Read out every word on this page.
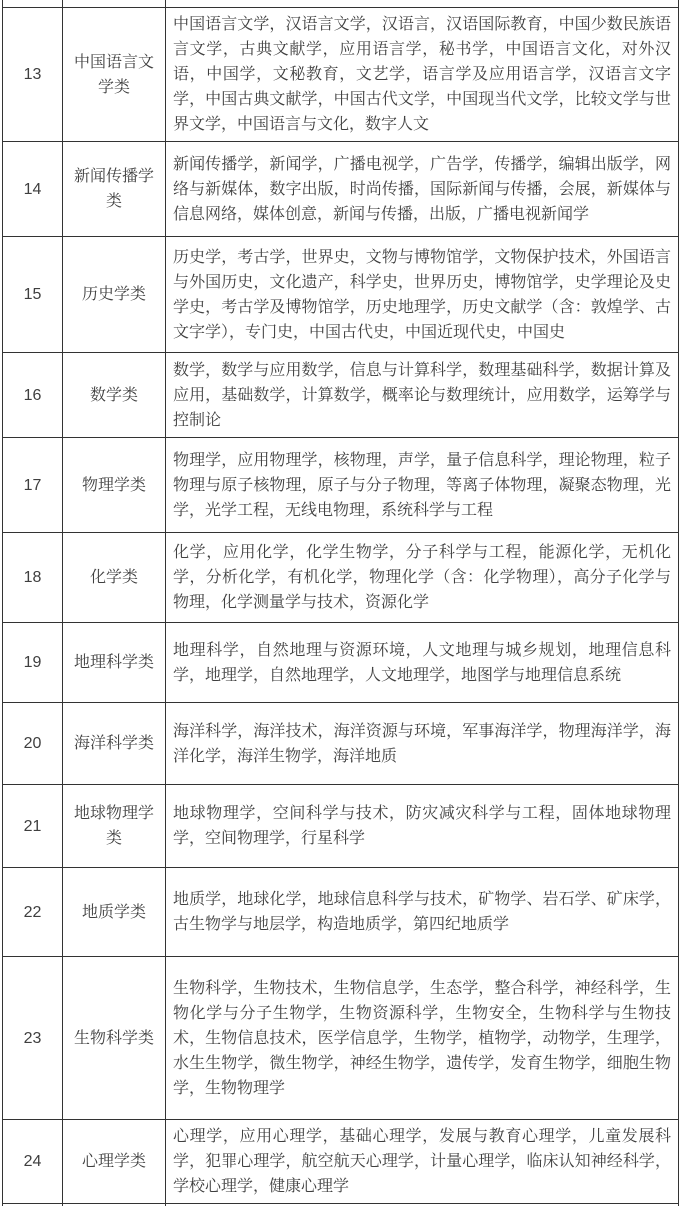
13	中国语言文学类	中国语言文学，汉语言文学，汉语言，汉语国际教育，中国少数民族语言文学，古典文献学，应用语言学，秘书学，中国语言文化，对外汉语，中国学，文秘教育，文艺学，语言学及应用语言学，汉语言文字学，中国古典文献学，中国古代文学，中国现当代文学，比较文学与世界文学，中国语言与文化，数字人文
14	新闻传播学类	新闻传播学，新闻学，广播电视学，广告学，传播学，编辑出版学，网络与新媒体，数字出版，时尚传播，国际新闻与传播，会展，新媒体与信息网络，媒体创意，新闻与传播，出版，广播电视新闻学
15	历史学类	历史学，考古学，世界史，文物与博物馆学，文物保护技术，外国语言与外国历史，文化遗产，科学史，世界历史，博物馆学，史学理论及史学史，考古学及博物馆学，历史地理学，历史文献学（含：敦煌学、古文字学），专门史，中国古代史，中国近现代史，中国史
16	数学类	数学，数学与应用数学，信息与计算科学，数理基础科学，数据计算及应用，基础数学，计算数学，概率论与数理统计，应用数学，运筹学与控制论
17	物理学类	物理学，应用物理学，核物理，声学，量子信息科学，理论物理，粒子物理与原子核物理，原子与分子物理，等离子体物理，凝聚态物理，光学，光学工程，无线电物理，系统科学与工程
18	化学类	化学，应用化学，化学生物学，分子科学与工程，能源化学，无机化学，分析化学，有机化学，物理化学（含：化学物理），高分子化学与物理，化学测量学与技术，资源化学
19	地理科学类	地理科学，自然地理与资源环境，人文地理与城乡规划，地理信息科学，地理学，自然地理学，人文地理学，地图学与地理信息系统
20	海洋科学类	海洋科学，海洋技术，海洋资源与环境，军事海洋学，物理海洋学，海洋化学，海洋生物学，海洋地质
21	地球物理学类	地球物理学，空间科学与技术，防灾减灾科学与工程，固体地球物理学，空间物理学，行星科学
22	地质学类	地质学，地球化学，地球信息科学与技术，矿物学、岩石学、矿床学，古生物学与地层学，构造地质学，第四纪地质学
23	生物科学类	生物科学，生物技术，生物信息学，生态学，整合科学，神经科学，生物化学与分子生物学，生物资源科学，生物安全，生物科学与生物技术，生物信息技术，医学信息学，生物学，植物学，动物学，生理学，水生生物学，微生物学，神经生物学，遗传学，发育生物学，细胞生物学，生物物理学
24	心理学类	心理学，应用心理学，基础心理学，发展与教育心理学，儿童发展科学，犯罪心理学，航空航天心理学，计量心理学，临床认知神经科学，学校心理学，健康心理学
